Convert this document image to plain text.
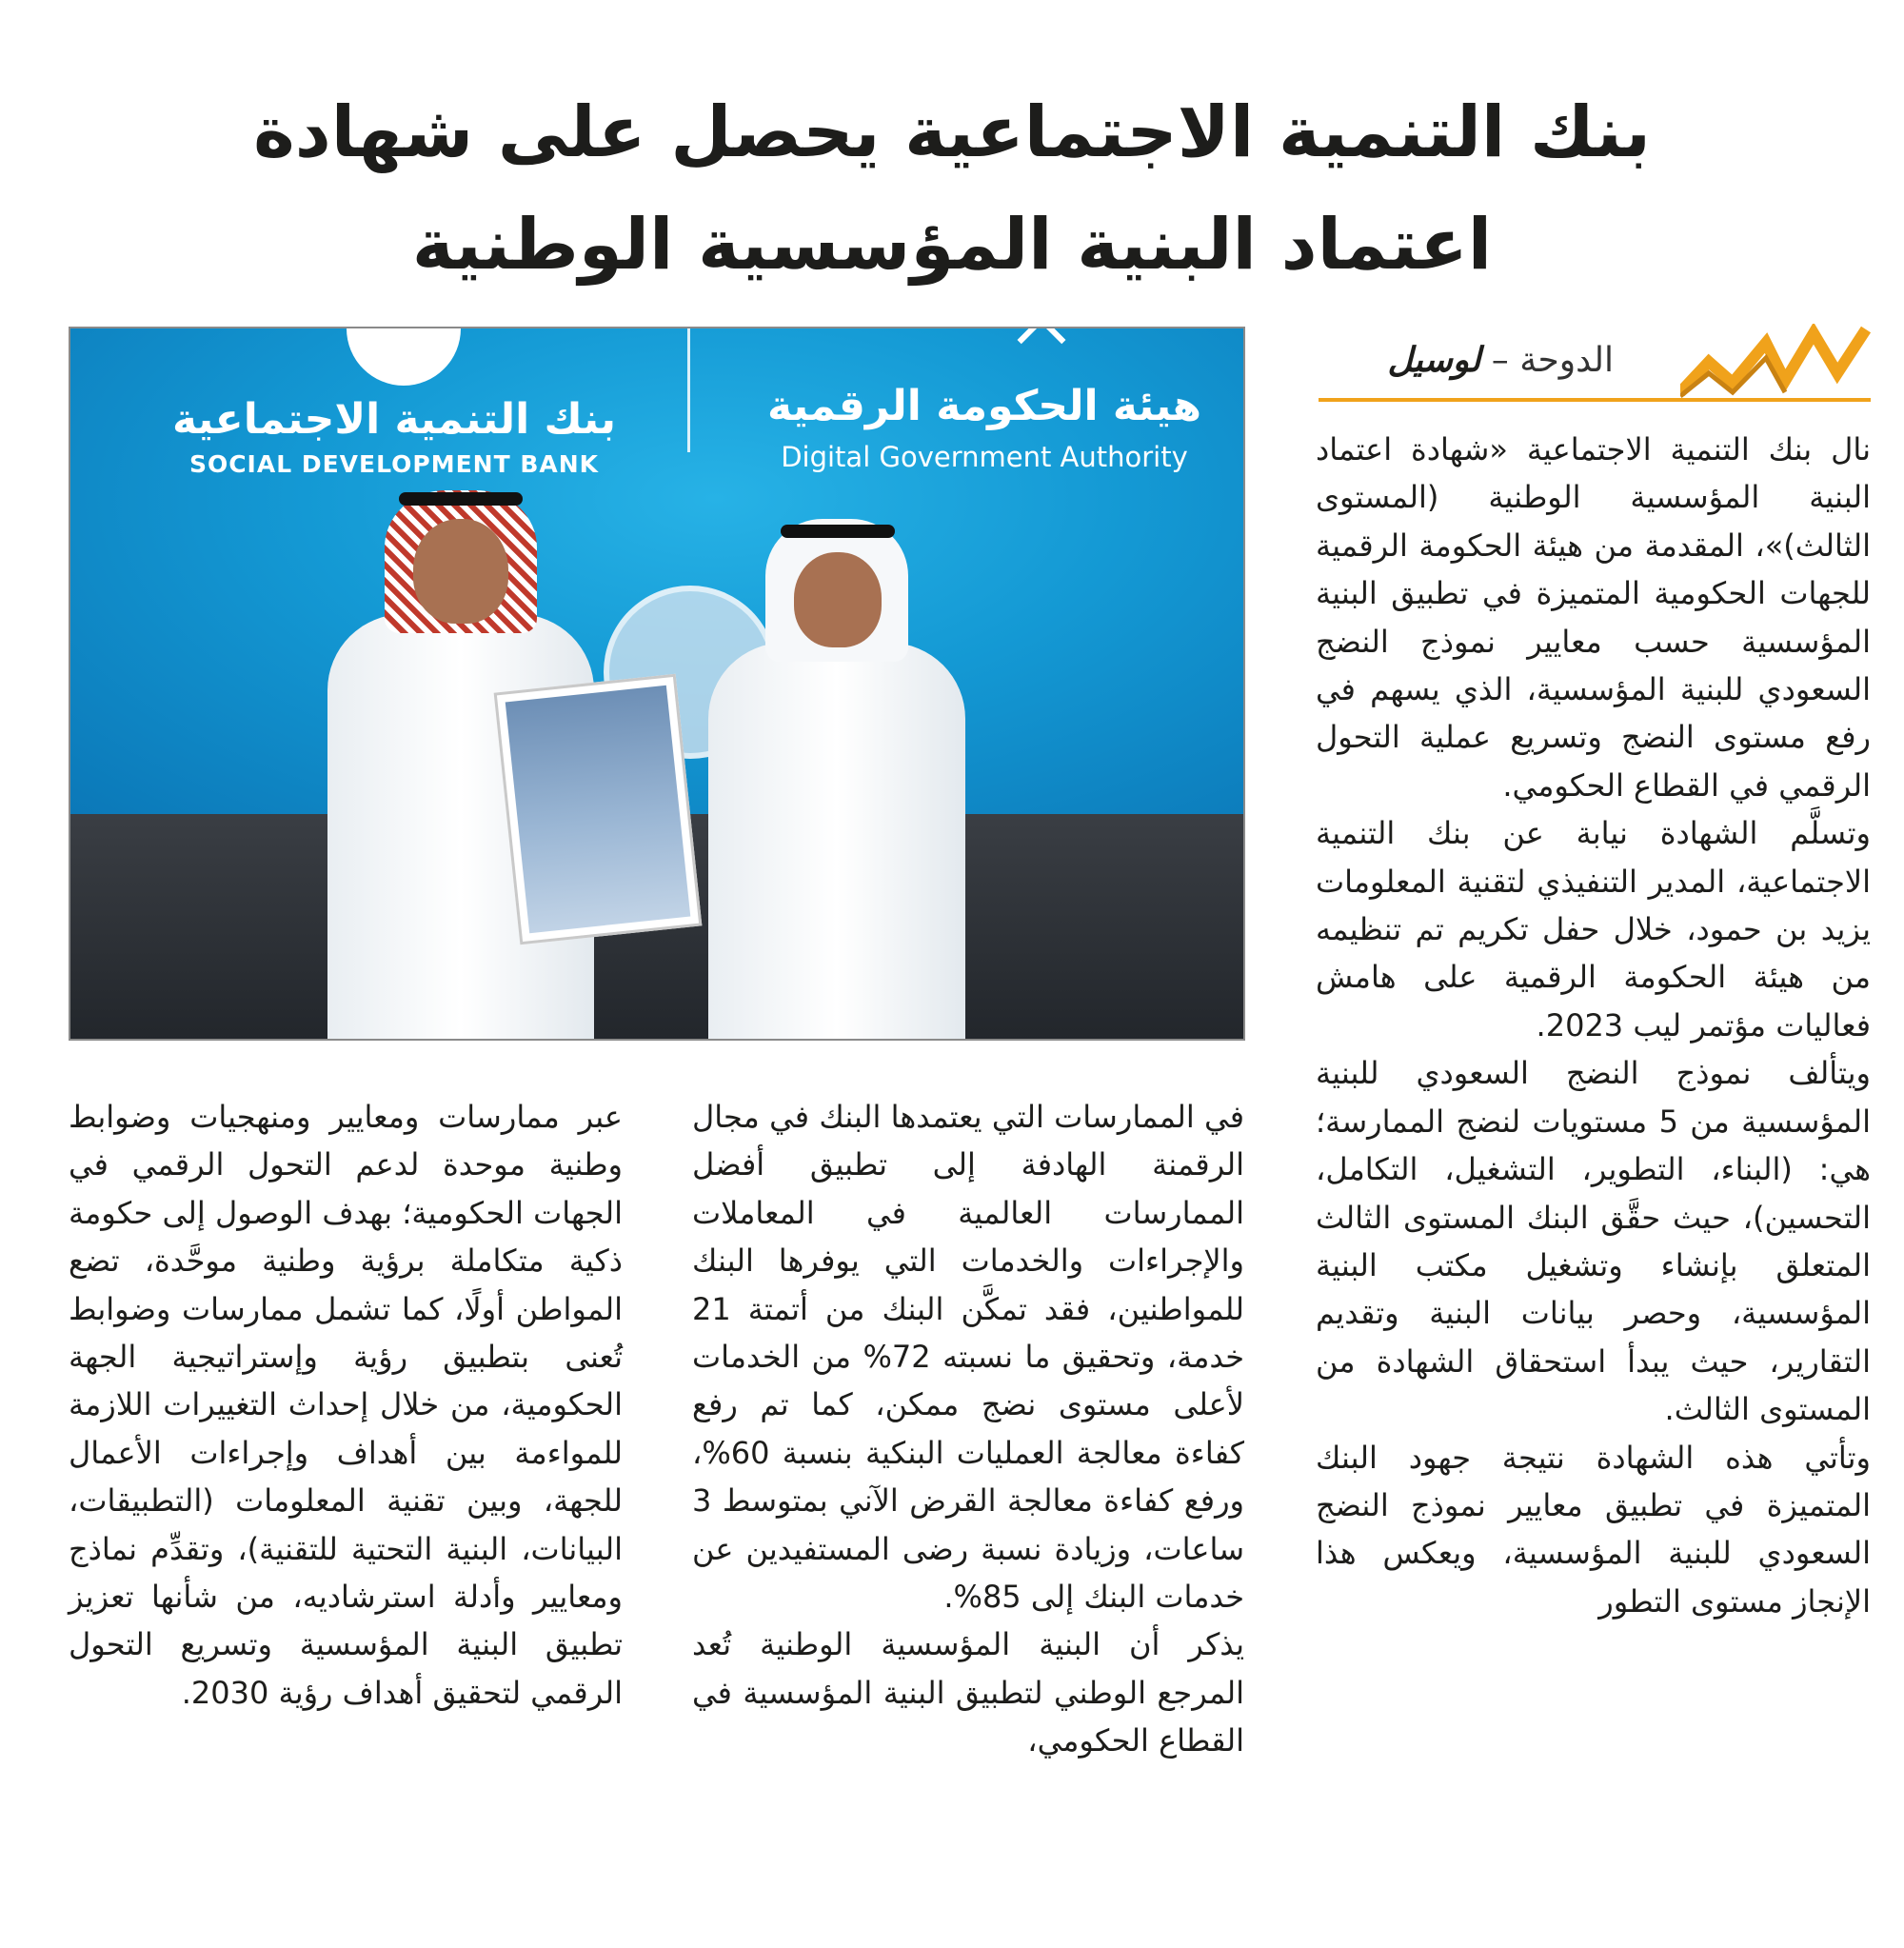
بنك التنمية الاجتماعية يحصل على شهادة
اعتماد البنية المؤسسية الوطنية
بنك التنمية الاجتماعية
SOCIAL DEVELOPMENT BANK
هيئة الحكومة الرقمية
Digital Government Authority
الدوحة – لوسيل

نال بنك التنمية الاجتماعية «شهادة اعتماد البنية المؤسسية الوطنية (المستوى الثالث)»، المقدمة من هيئة الحكومة الرقمية للجهات الحكومية المتميزة في تطبيق البنية المؤسسية حسب معايير نموذج النضج السعودي للبنية المؤسسية، الذي يسهم في رفع مستوى النضج وتسريع عملية التحول الرقمي في القطاع الحكومي.

وتسلَّم الشهادة نيابة عن بنك التنمية الاجتماعية، المدير التنفيذي لتقنية المعلومات يزيد بن حمود، خلال حفل تكريم تم تنظيمه من هيئة الحكومة الرقمية على هامش فعاليات مؤتمر ليب 2023.

ويتألف نموذج النضج السعودي للبنية المؤسسية من 5 مستويات لنضج الممارسة؛ هي: (البناء، التطوير، التشغيل، التكامل، التحسين)، حيث حقَّق البنك المستوى الثالث المتعلق بإنشاء وتشغيل مكتب البنية المؤسسية، وحصر بيانات البنية وتقديم التقارير، حيث يبدأ استحقاق الشهادة من المستوى الثالث.

وتأتي هذه الشهادة نتيجة جهود البنك المتميزة في تطبيق معايير نموذج النضج السعودي للبنية المؤسسية، ويعكس هذا الإنجاز مستوى التطور

في الممارسات التي يعتمدها البنك في مجال الرقمنة الهادفة إلى تطبيق أفضل الممارسات العالمية في المعاملات والإجراءات والخدمات التي يوفرها البنك للمواطنين، فقد تمكَّن البنك من أتمتة 21 خدمة، وتحقيق ما نسبته 72% من الخدمات لأعلى مستوى نضج ممكن، كما تم رفع كفاءة معالجة العمليات البنكية بنسبة 60%، ورفع كفاءة معالجة القرض الآني بمتوسط 3 ساعات، وزيادة نسبة رضى المستفيدين عن خدمات البنك إلى 85%.

يذكر أن البنية المؤسسية الوطنية تُعد المرجع الوطني لتطبيق البنية المؤسسية في القطاع الحكومي،

عبر ممارسات ومعايير ومنهجيات وضوابط وطنية موحدة لدعم التحول الرقمي في الجهات الحكومية؛ بهدف الوصول إلى حكومة ذكية متكاملة برؤية وطنية موحَّدة، تضع المواطن أولًا، كما تشمل ممارسات وضوابط تُعنى بتطبيق رؤية وإستراتيجية الجهة الحكومية، من خلال إحداث التغييرات اللازمة للمواءمة بين أهداف وإجراءات الأعمال للجهة، وبين تقنية المعلومات (التطبيقات، البيانات، البنية التحتية للتقنية)، وتقدِّم نماذج ومعايير وأدلة استرشاديه، من شأنها تعزيز تطبيق البنية المؤسسية وتسريع التحول الرقمي لتحقيق أهداف رؤية 2030.
